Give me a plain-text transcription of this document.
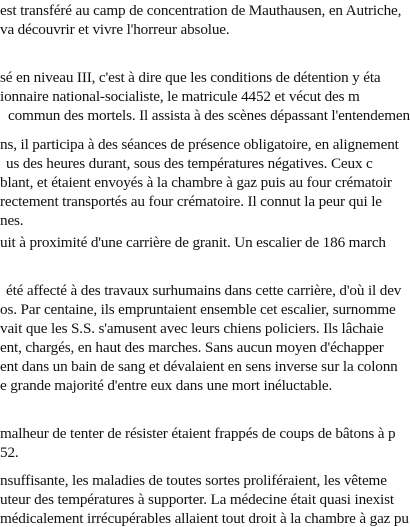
est transféré au camp de concentration de Mauthausen, en Autriche,
va découvrir et vivre l'horreur absolue.
sé en niveau III, c'est à dire que les conditions de détention y éta
ionnaire national-socialiste, le matricule 4452 et vécut des m
commun des mortels. Il assista à des scènes dépassant l'entendemen
ns, il participa à des séances de présence obligatoire, en alignement
us des heures durant, sous des températures négatives. Ceux c
blant, et étaient envoyés à la chambre à gaz puis au four crématoir
rectement transportés au four crématoire. Il connut la peur qui le
nes.
uit à proximité d'une carrière de granit. Un escalier de 186 march
été affecté à des travaux surhumains dans cette carrière, d'où il dev
os. Par centaine, ils empruntaient ensemble cet escalier, surnomme
vait que les S.S. s'amusent avec leurs chiens policiers. Ils lâchaie
ent, chargés, en haut des marches. Sans aucun moyen d'échapper
ent dans un bain de sang et dévalaient en sens inverse sur la colonn
e grande majorité d'entre eux dans une mort inéluctable.
malheur de tenter de résister étaient frappés de coups de bâtons à p
52.
nsuffisante, les maladies de toutes sortes proliféraient, les vêteme
uteur des températures à supporter. La médecine était quasi inexist
médicalement irrécupérables allaient tout droit à la chambre à gaz pu
